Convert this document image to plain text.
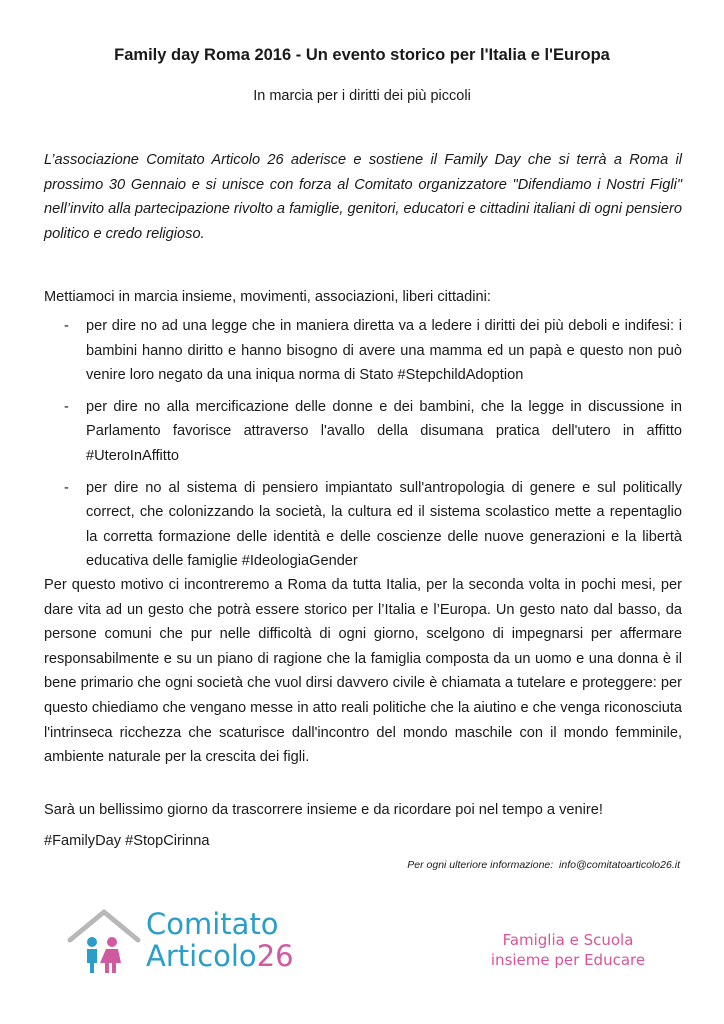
Family day Roma 2016 - Un evento storico per l'Italia e l'Europa
In marcia per i diritti dei più piccoli
L’associazione Comitato Articolo 26 aderisce e sostiene il Family Day che si terrà a Roma il prossimo 30 Gennaio e si unisce con forza al Comitato organizzatore "Difendiamo i Nostri Figli" nell’invito alla partecipazione rivolto a famiglie, genitori, educatori e cittadini italiani di ogni pensiero politico e credo religioso.
Mettiamoci in marcia insieme, movimenti, associazioni, liberi cittadini:
- per dire no ad una legge che in maniera diretta va a ledere i diritti dei più deboli e indifesi: i bambini hanno diritto e hanno bisogno di avere una mamma ed un papà e questo non può venire loro negato da una iniqua norma di Stato #StepchildAdoption
- per dire no alla mercificazione delle donne e dei bambini, che la legge in discussione in Parlamento favorisce attraverso l'avallo della disumana pratica dell'utero in affitto #UteroInAffitto
- per dire no al sistema di pensiero impiantato sull'antropologia di genere e sul politically correct, che colonizzando la società, la cultura ed il sistema scolastico mette a repentaglio la corretta formazione delle identità e delle coscienze delle nuove generazioni e la libertà educativa delle famiglie #IdeologiaGender
Per questo motivo ci incontreremo a Roma da tutta Italia, per la seconda volta in pochi mesi, per dare vita ad un gesto che potrà essere storico per l’Italia e l’Europa. Un gesto nato dal basso, da persone comuni che pur nelle difficoltà di ogni giorno, scelgono di impegnarsi per affermare responsabilmente e su un piano di ragione che la famiglia composta da un uomo e una donna è il bene primario che ogni società che vuol dirsi davvero civile è chiamata a tutelare e proteggere: per questo chiediamo che vengano messe in atto reali politiche che la aiutino e che venga riconosciuta l'intrinseca ricchezza che scaturisce dall'incontro del mondo maschile con il mondo femminile, ambiente naturale per la crescita dei figli.
Sarà un bellissimo giorno da trascorrere insieme e da ricordare poi nel tempo a venire!
#FamilyDay #StopCirinna
Per ogni ulteriore informazione:  info@comitatoarticolo26.it
Comitato
Articolo26	Famiglia e Scuola
insieme per Educare
